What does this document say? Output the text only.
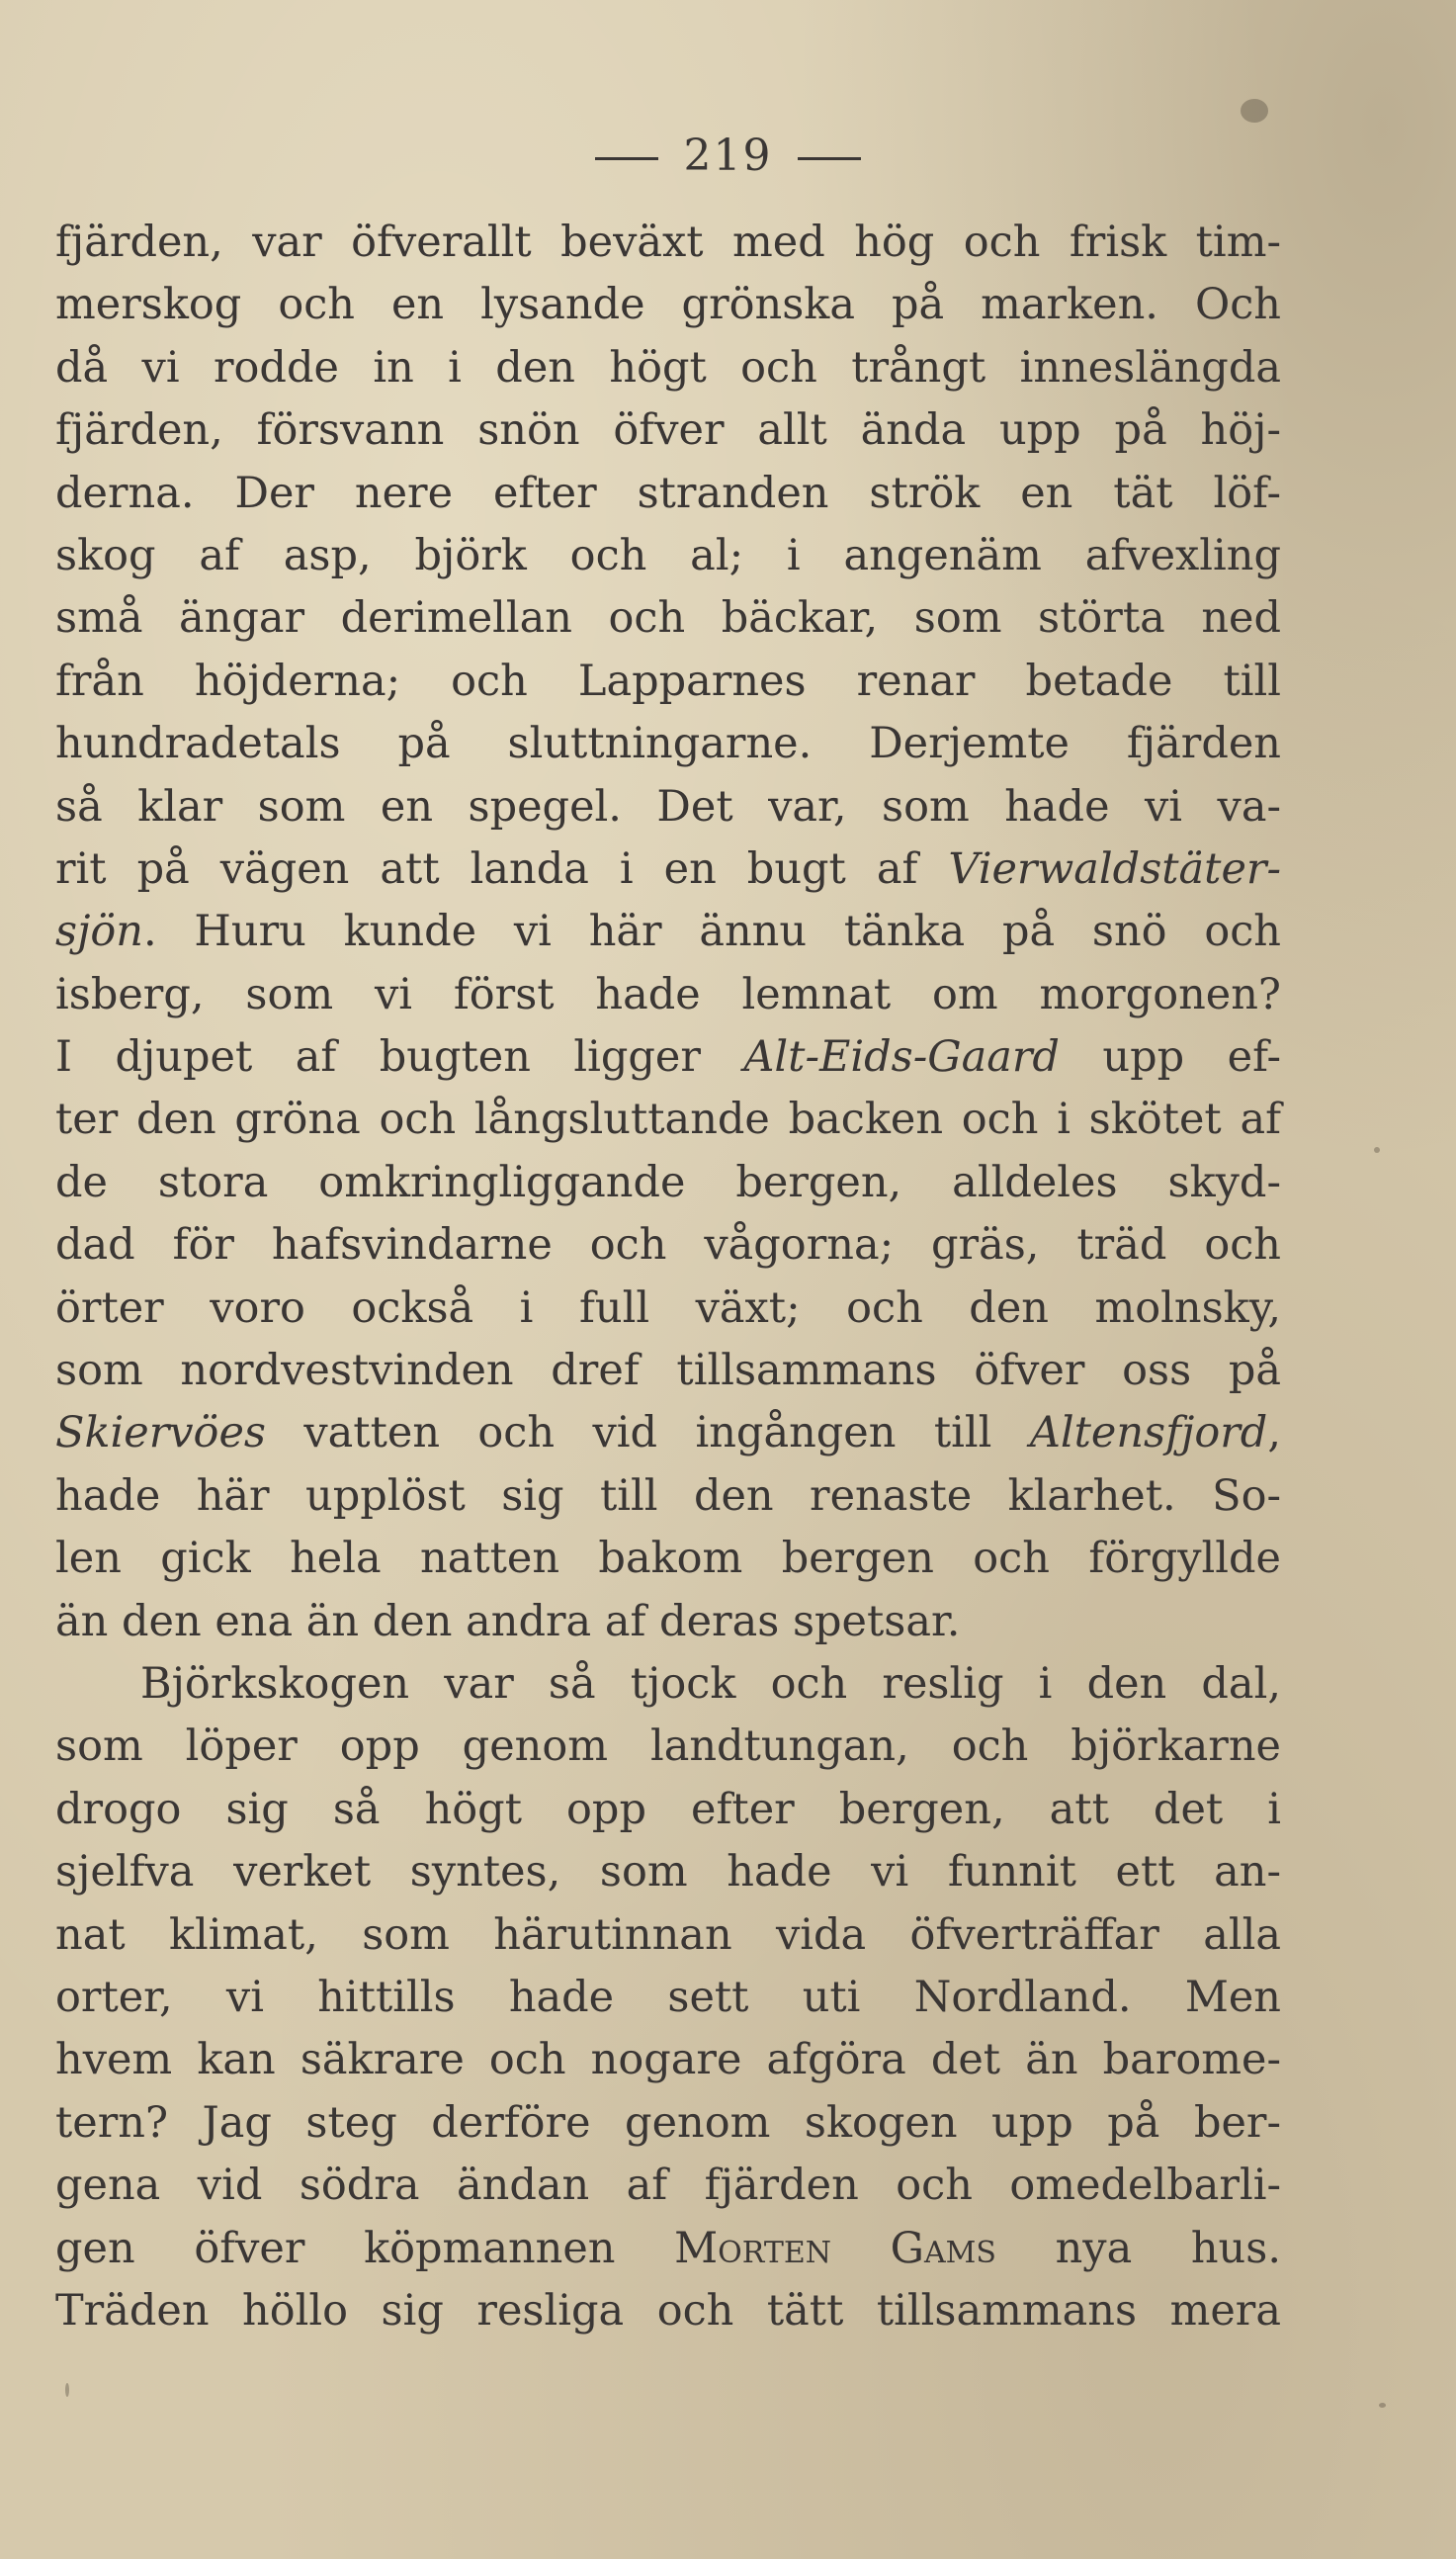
219
fjärden, var öfverallt beväxt med hög och frisk tim-
merskog och en lysande grönska på marken. Och
då vi rodde in i den högt och trångt inneslängda
fjärden, försvann snön öfver allt ända upp på höj-
derna. Der nere efter stranden strök en tät löf-
skog af asp, björk och al; i angenäm afvexling
små ängar derimellan och bäckar, som störta ned
från höjderna; och Lapparnes renar betade till
hundradetals på sluttningarne. Derjemte fjärden
så klar som en spegel. Det var, som hade vi va-
rit på vägen att landa i en bugt af Vierwaldstäter-
sjön. Huru kunde vi här ännu tänka på snö och
isberg, som vi först hade lemnat om morgonen?
I djupet af bugten ligger Alt-Eids-Gaard upp ef-
ter den gröna och långsluttande backen och i skötet af
de stora omkringliggande bergen, alldeles skyd-
dad för hafsvindarne och vågorna; gräs, träd och
örter voro också i full växt; och den molnsky,
som nordvestvinden dref tillsammans öfver oss på
Skiervöes vatten och vid ingången till Altensfjord,
hade här upplöst sig till den renaste klarhet. So-
len gick hela natten bakom bergen och förgyllde
än den ena än den andra af deras spetsar.
Björkskogen var så tjock och reslig i den dal,
som löper opp genom landtungan, och björkarne
drogo sig så högt opp efter bergen, att det i
sjelfva verket syntes, som hade vi funnit ett an-
nat klimat, som härutinnan vida öfverträffar alla
orter, vi hittills hade sett uti Nordland. Men
hvem kan säkrare och nogare afgöra det än barome-
tern? Jag steg derföre genom skogen upp på ber-
gena vid södra ändan af fjärden och omedelbarli-
gen öfver köpmannen Morten Gams nya hus.
Träden höllo sig resliga och tätt tillsammans mera
